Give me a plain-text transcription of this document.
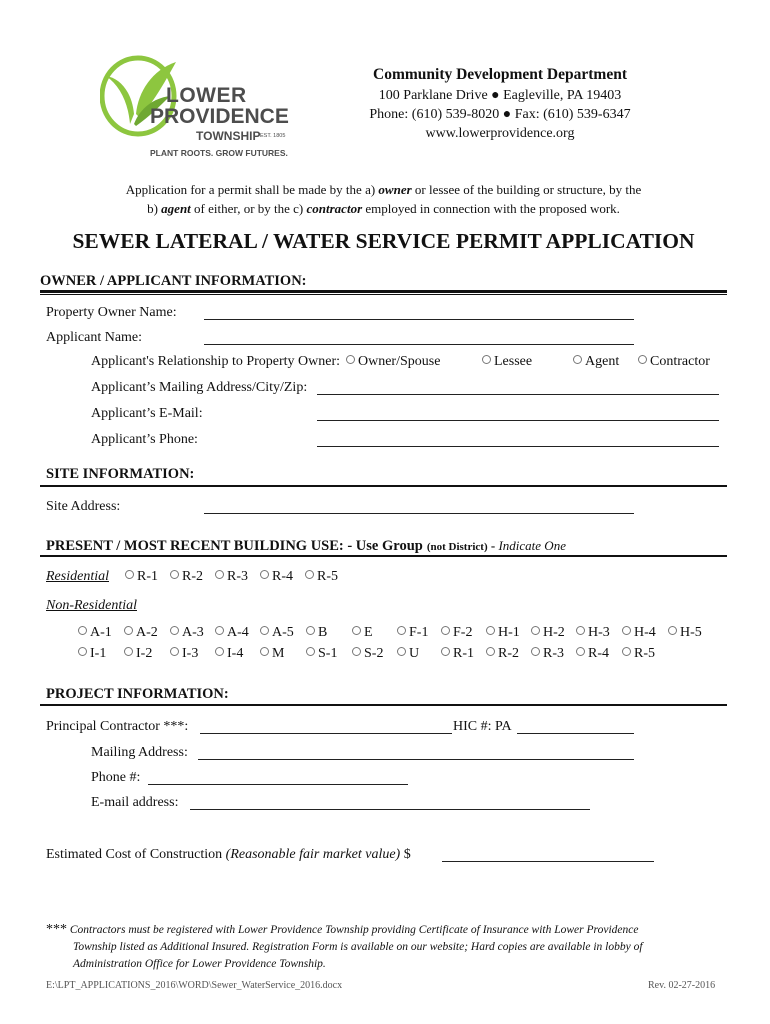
LOWER
PROVIDENCE
TOWNSHIP EST. 1805
PLANT ROOTS. GROW FUTURES.
Community Development Department
100 Parklane Drive ● Eagleville, PA 19403
Phone: (610) 539-8020 ● Fax: (610) 539-6347
www.lowerprovidence.org
Application for a permit shall be made by the a) owner or lessee of the building or structure, by the
b) agent of either, or by the c) contractor employed in connection with the proposed work.
SEWER LATERAL / WATER SERVICE PERMIT APPLICATION
OWNER / APPLICANT INFORMATION:
Property Owner Name:
Applicant Name:
Applicant's Relationship to Property Owner:	Owner/Spouse	Lessee	Agent	Contractor
Applicant’s Mailing Address/City/Zip:
Applicant’s E-Mail:
Applicant’s Phone:
SITE INFORMATION:
Site Address:
PRESENT / MOST RECENT BUILDING USE: - Use Group (not District) - Indicate One
Residential	R-1	R-2	R-3	R-4	R-5
Non-Residential
A-1	A-2	A-3	A-4	A-5	B	E	F-1	F-2	H-1	H-2	H-3	H-4	H-5
I-1	I-2	I-3	I-4	M	S-1	S-2	U	R-1	R-2	R-3	R-4	R-5
PROJECT INFORMATION:
Principal Contractor ***:	HIC #: PA
Mailing Address:
Phone #:
E-mail address:
Estimated Cost of Construction (Reasonable fair market value) $
*** Contractors must be registered with Lower Providence Township providing Certificate of Insurance with Lower Providence
Township listed as Additional Insured. Registration Form is available on our website; Hard copies are available in lobby of
Administration Office for Lower Providence Township.
E:\LPT_APPLICATIONS_2016\WORD\Sewer_WaterService_2016.docx	Rev. 02-27-2016
